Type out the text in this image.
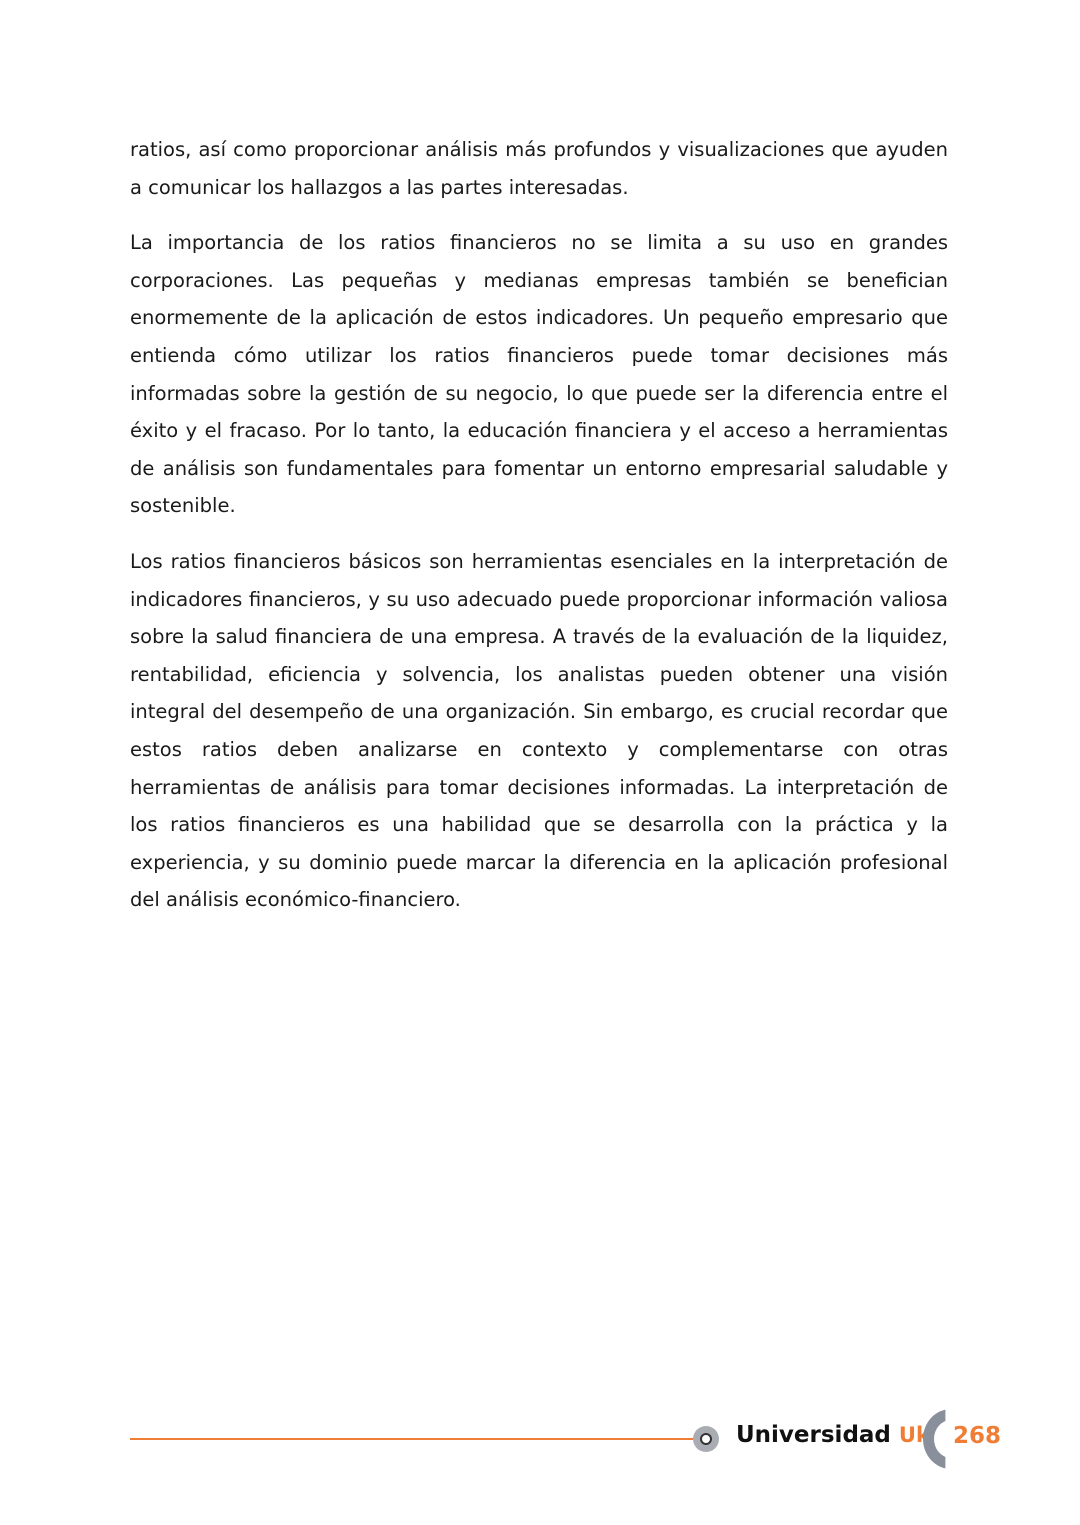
ratios, así como proporcionar análisis más profundos y visualizaciones que ayuden a comunicar los hallazgos a las partes interesadas.

La importancia de los ratios financieros no se limita a su uso en grandes corporaciones. Las pequeñas y medianas empresas también se benefician enormemente de la aplicación de estos indicadores. Un pequeño empresario que entienda cómo utilizar los ratios financieros puede tomar decisiones más informadas sobre la gestión de su negocio, lo que puede ser la diferencia entre el éxito y el fracaso. Por lo tanto, la educación financiera y el acceso a herramientas de análisis son fundamentales para fomentar un entorno empresarial saludable y sostenible.

Los ratios financieros básicos son herramientas esenciales en la interpretación de indicadores financieros, y su uso adecuado puede proporcionar información valiosa sobre la salud financiera de una empresa. A través de la evaluación de la liquidez, rentabilidad, eficiencia y solvencia, los analistas pueden obtener una visión integral del desempeño de una organización. Sin embargo, es crucial recordar que estos ratios deben analizarse en contexto y complementarse con otras herramientas de análisis para tomar decisiones informadas. La interpretación de los ratios financieros es una habilidad que se desarrolla con la práctica y la experiencia, y su dominio puede marcar la diferencia en la aplicación profesional del análisis económico-financiero.

Universidad Uk 268
